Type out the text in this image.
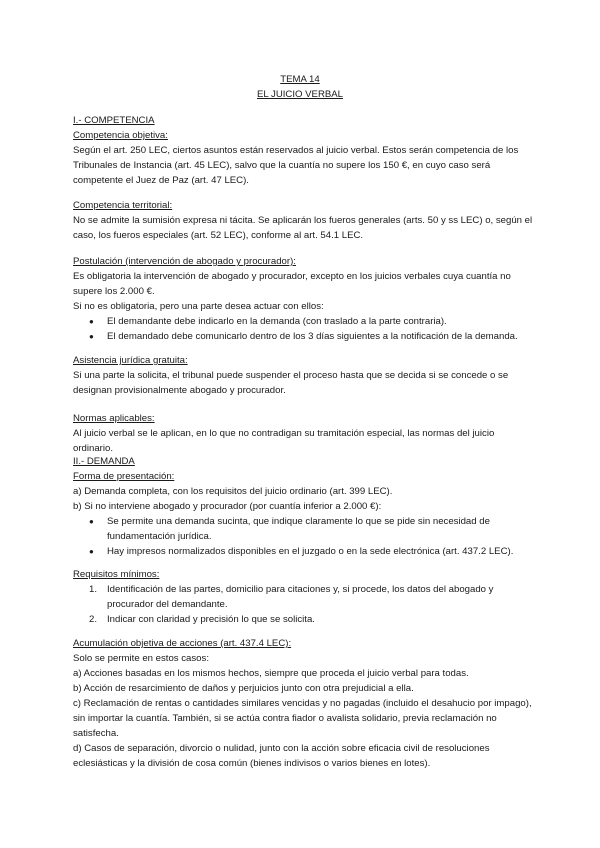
TEMA 14
EL JUICIO VERBAL

I.- COMPETENCIA

Competencia objetiva:

Según el art. 250 LEC, ciertos asuntos están reservados al juicio verbal. Estos serán competencia de los Tribunales de Instancia (art. 45 LEC), salvo que la cuantía no supere los 150 €, en cuyo caso será competente el Juez de Paz (art. 47 LEC).

Competencia territorial:

No se admite la sumisión expresa ni tácita. Se aplicarán los fueros generales (arts. 50 y ss LEC) o, según el caso, los fueros especiales (art. 52 LEC), conforme al art. 54.1 LEC.

Postulación (intervención de abogado y procurador):

Es obligatoria la intervención de abogado y procurador, excepto en los juicios verbales cuya cuantía no supere los 2.000 €.

Si no es obligatoria, pero una parte desea actuar con ellos:

● El demandante debe indicarlo en la demanda (con traslado a la parte contraria).
● El demandado debe comunicarlo dentro de los 3 días siguientes a la notificación de la demanda.

Asistencia jurídica gratuita:

Si una parte la solicita, el tribunal puede suspender el proceso hasta que se decida si se concede o se designan provisionalmente abogado y procurador.

Normas aplicables:

Al juicio verbal se le aplican, en lo que no contradigan su tramitación especial, las normas del juicio ordinario.

II.- DEMANDA

Forma de presentación:

a) Demanda completa, con los requisitos del juicio ordinario (art. 399 LEC).

b) Si no interviene abogado y procurador (por cuantía inferior a 2.000 €):

● Se permite una demanda sucinta, que indique claramente lo que se pide sin necesidad de fundamentación jurídica.
● Hay impresos normalizados disponibles en el juzgado o en la sede electrónica (art. 437.2 LEC).

Requisitos mínimos:

1. Identificación de las partes, domicilio para citaciones y, si procede, los datos del abogado y procurador del demandante.
2. Indicar con claridad y precisión lo que se solicita.

Acumulación objetiva de acciones (art. 437.4 LEC):

Solo se permite en estos casos:

a) Acciones basadas en los mismos hechos, siempre que proceda el juicio verbal para todas.

b) Acción de resarcimiento de daños y perjuicios junto con otra prejudicial a ella.

c) Reclamación de rentas o cantidades similares vencidas y no pagadas (incluido el desahucio por impago), sin importar la cuantía. También, si se actúa contra fiador o avalista solidario, previa reclamación no satisfecha.

d) Casos de separación, divorcio o nulidad, junto con la acción sobre eficacia civil de resoluciones eclesiásticas y la división de cosa común (bienes indivisos o varios bienes en lotes).
